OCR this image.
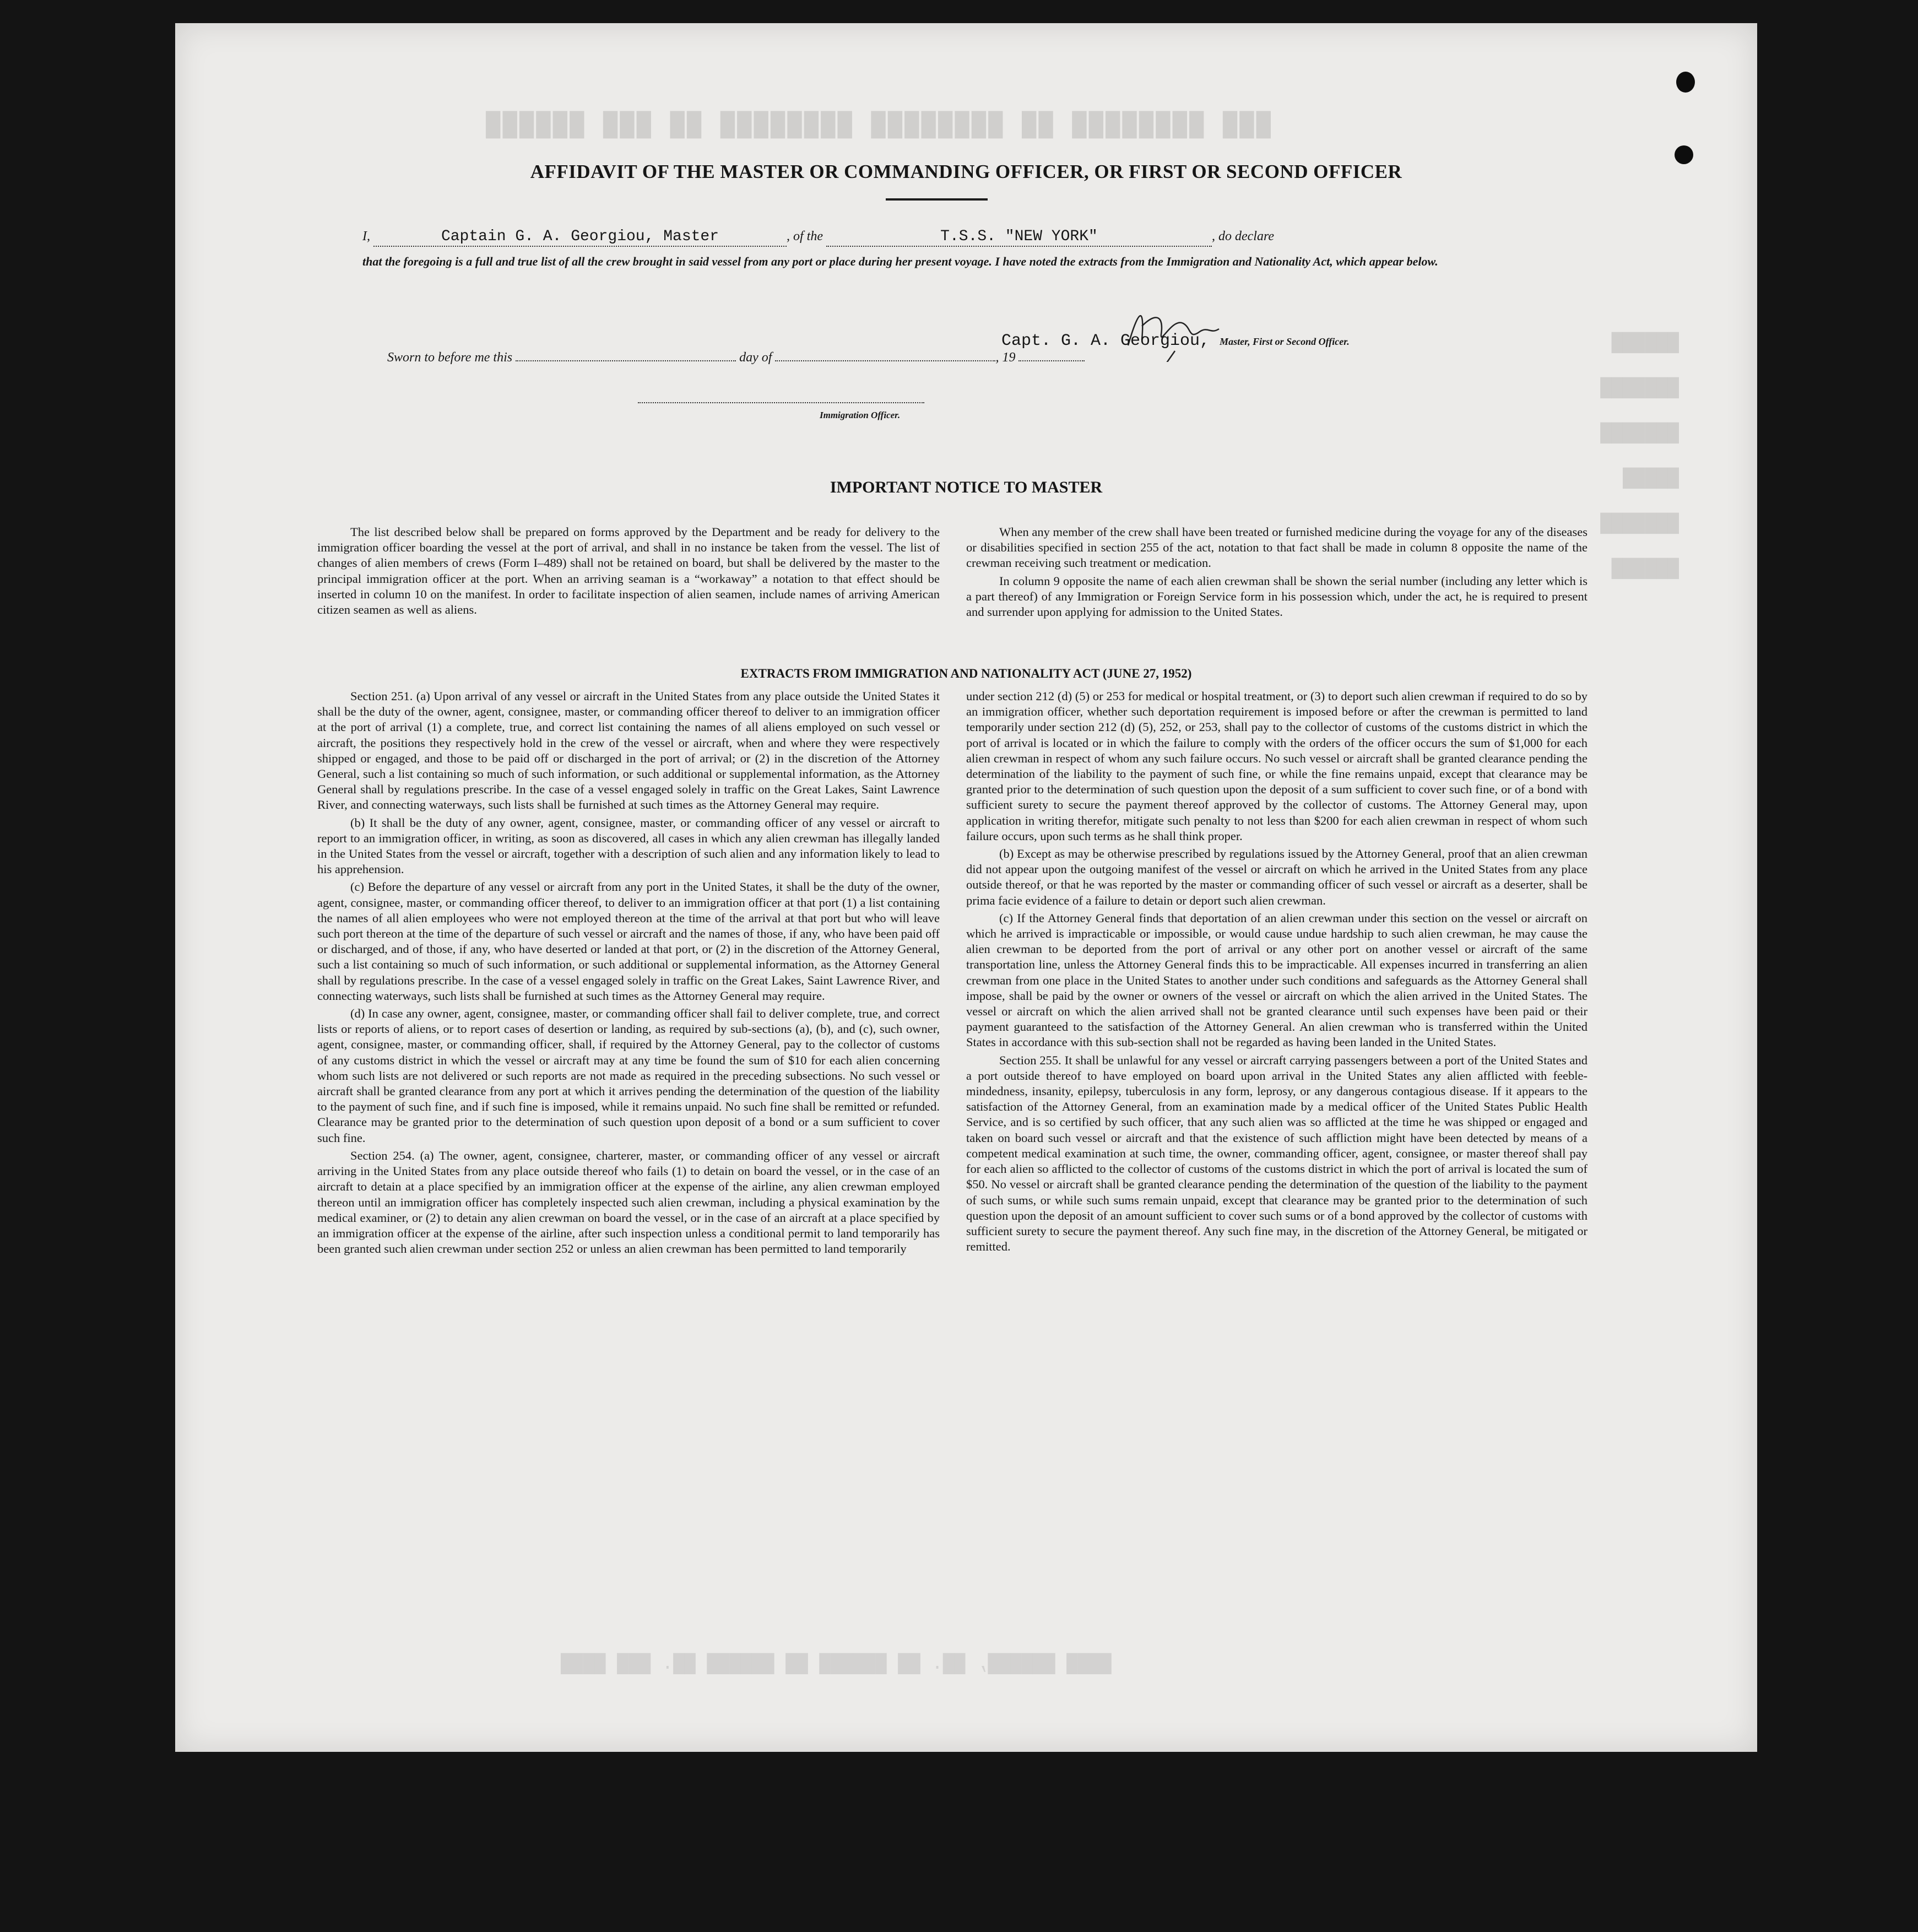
███ ████████ ██ ████████ ████████ ██ ███ ██████
██████
███████
███████
█████
███████
██████
AFFIDAVIT OF THE MASTER OR COMMANDING OFFICER, OR FIRST OR SECOND OFFICER
I,	Captain G. A. Georgiou, Master	, of the	T.S.S. "NEW YORK"	, do declare
that the foregoing is a full and true list of all the crew brought in said vessel from any port or place during her present voyage. I have noted the extracts from the Immigration and Nationality Act, which appear below.
Capt. G. A. Georgiou, Master, First or Second Officer.
Sworn to before me this	day of	, 19
Immigration Officer.
IMPORTANT NOTICE TO MASTER

The list described below shall be prepared on forms approved by the Department and be ready for delivery to the immigration officer boarding the vessel at the port of arrival, and shall in no instance be taken from the vessel. The list of changes of alien members of crews (Form I–489) shall not be retained on board, but shall be delivered by the master to the principal immigration officer at the port. When an arriving seaman is a “workaway” a notation to that effect should be inserted in column 10 on the manifest. In order to facilitate inspection of alien seamen, include names of arriving American citizen seamen as well as aliens.

When any member of the crew shall have been treated or furnished medicine during the voyage for any of the diseases or disabilities specified in section 255 of the act, notation to that fact shall be made in column 8 opposite the name of the crewman receiving such treatment or medication.

In column 9 opposite the name of each alien crewman shall be shown the serial number (including any letter which is a part thereof) of any Immigration or Foreign Service form in his possession which, under the act, he is required to present and surrender upon applying for admission to the United States.

EXTRACTS FROM IMMIGRATION AND NATIONALITY ACT (JUNE 27, 1952)

Section 251. (a) Upon arrival of any vessel or aircraft in the United States from any place outside the United States it shall be the duty of the owner, agent, consignee, master, or commanding officer thereof to deliver to an immigration officer at the port of arrival (1) a complete, true, and correct list containing the names of all aliens employed on such vessel or aircraft, the positions they respectively hold in the crew of the vessel or aircraft, when and where they were respectively shipped or engaged, and those to be paid off or discharged in the port of arrival; or (2) in the discretion of the Attorney General, such a list containing so much of such information, or such additional or supplemental information, as the Attorney General shall by regulations prescribe. In the case of a vessel engaged solely in traffic on the Great Lakes, Saint Lawrence River, and connecting waterways, such lists shall be furnished at such times as the Attorney General may require.

(b) It shall be the duty of any owner, agent, consignee, master, or commanding officer of any vessel or aircraft to report to an immigration officer, in writing, as soon as discovered, all cases in which any alien crewman has illegally landed in the United States from the vessel or aircraft, together with a description of such alien and any information likely to lead to his apprehension.

(c) Before the departure of any vessel or aircraft from any port in the United States, it shall be the duty of the owner, agent, consignee, master, or commanding officer thereof, to deliver to an immigration officer at that port (1) a list containing the names of all alien employees who were not employed thereon at the time of the arrival at that port but who will leave such port thereon at the time of the departure of such vessel or aircraft and the names of those, if any, who have been paid off or discharged, and of those, if any, who have deserted or landed at that port, or (2) in the discretion of the Attorney General, such a list containing so much of such information, or such additional or supplemental information, as the Attorney General shall by regulations prescribe. In the case of a vessel engaged solely in traffic on the Great Lakes, Saint Lawrence River, and connecting waterways, such lists shall be furnished at such times as the Attorney General may require.

(d) In case any owner, agent, consignee, master, or commanding officer shall fail to deliver complete, true, and correct lists or reports of aliens, or to report cases of desertion or landing, as required by sub-sections (a), (b), and (c), such owner, agent, consignee, master, or commanding officer, shall, if required by the Attorney General, pay to the collector of customs of any customs district in which the vessel or aircraft may at any time be found the sum of $10 for each alien concerning whom such lists are not delivered or such reports are not made as required in the preceding subsections. No such vessel or aircraft shall be granted clearance from any port at which it arrives pending the determination of the question of the liability to the payment of such fine, and if such fine is imposed, while it remains unpaid. No such fine shall be remitted or refunded. Clearance may be granted prior to the determination of such question upon deposit of a bond or a sum sufficient to cover such fine.

Section 254. (a) The owner, agent, consignee, charterer, master, or commanding officer of any vessel or aircraft arriving in the United States from any place outside thereof who fails (1) to detain on board the vessel, or in the case of an aircraft to detain at a place specified by an immigration officer at the expense of the airline, any alien crewman employed thereon until an immigration officer has completely inspected such alien crewman, including a physical examination by the medical examiner, or (2) to detain any alien crewman on board the vessel, or in the case of an aircraft at a place specified by an immigration officer at the expense of the airline, after such inspection unless a conditional permit to land temporarily has been granted such alien crewman under section 252 or unless an alien crewman has been permitted to land temporarily

under section 212 (d) (5) or 253 for medical or hospital treatment, or (3) to deport such alien crewman if required to do so by an immigration officer, whether such deportation requirement is imposed before or after the crewman is permitted to land temporarily under section 212 (d) (5), 252, or 253, shall pay to the collector of customs of the customs district in which the port of arrival is located or in which the failure to comply with the orders of the officer occurs the sum of $1,000 for each alien crewman in respect of whom any such failure occurs. No such vessel or aircraft shall be granted clearance pending the determination of the liability to the payment of such fine, or while the fine remains unpaid, except that clearance may be granted prior to the determination of such question upon the deposit of a sum sufficient to cover such fine, or of a bond with sufficient surety to secure the payment thereof approved by the collector of customs. The Attorney General may, upon application in writing therefor, mitigate such penalty to not less than $200 for each alien crewman in respect of whom such failure occurs, upon such terms as he shall think proper.

(b) Except as may be otherwise prescribed by regulations issued by the Attorney General, proof that an alien crewman did not appear upon the outgoing manifest of the vessel or aircraft on which he arrived in the United States from any place outside thereof, or that he was reported by the master or commanding officer of such vessel or aircraft as a deserter, shall be prima facie evidence of a failure to detain or deport such alien crewman.

(c) If the Attorney General finds that deportation of an alien crewman under this section on the vessel or aircraft on which he arrived is impracticable or impossible, or would cause undue hardship to such alien crewman, he may cause the alien crewman to be deported from the port of arrival or any other port on another vessel or aircraft of the same transportation line, unless the Attorney General finds this to be impracticable. All expenses incurred in transferring an alien crewman from one place in the United States to another under such conditions and safeguards as the Attorney General shall impose, shall be paid by the owner or owners of the vessel or aircraft on which the alien arrived in the United States. The vessel or aircraft on which the alien arrived shall not be granted clearance until such expenses have been paid or their payment guaranteed to the satisfaction of the Attorney General. An alien crewman who is transferred within the United States in accordance with this sub-section shall not be regarded as having been landed in the United States.

Section 255. It shall be unlawful for any vessel or aircraft carrying passengers between a port of the United States and a port outside thereof to have employed on board upon arrival in the United States any alien afflicted with feeble-mindedness, insanity, epilepsy, tuberculosis in any form, leprosy, or any dangerous contagious disease. If it appears to the satisfaction of the Attorney General, from an examination made by a medical officer of the United States Public Health Service, and is so certified by such officer, that any such alien was so afflicted at the time he was shipped or engaged and taken on board such vessel or aircraft and that the existence of such affliction might have been detected by means of a competent medical examination at such time, the owner, commanding officer, agent, consignee, or master thereof shall pay for each alien so afflicted to the collector of customs of the customs district in which the port of arrival is located the sum of $50. No vessel or aircraft shall be granted clearance pending the determination of the question of the liability to the payment of such sums, or while such sums remain unpaid, except that clearance may be granted prior to the determination of such question upon the deposit of an amount sufficient to cover such sums or of a bond approved by the collector of customs with sufficient surety to secure the payment thereof. Any such fine may, in the discretion of the Attorney General, be mitigated or remitted.

████ ██████, ██. ██ ██████ ██ ██████ ██. ███ ████
